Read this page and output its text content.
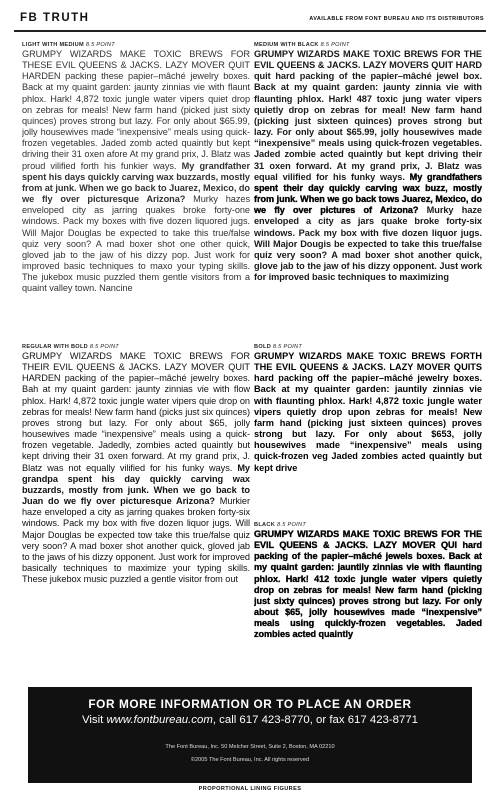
FB TRUTH	AVAILABLE FROM FONT BUREAU AND ITS DISTRIBUTORS
LIGHT WITH MEDIUM 8.5 POINT

GRUMPY WIZARDS MAKE TOXIC BREWS FOR THESE EVIL QUEENS & JACKS. LAZY MOVER QUIT HARDEN packing these papier–mâché jewelry boxes. Back at my quaint garden: jaunty zinnias vie with flaunt phlox. Hark! 4,872 toxic jungle water vipers quiet drop on zebras for meals! New farm hand (picked just sixty quinces) proves strong but lazy. For only about $65.99, jolly housewives made “inexpensive” meals using quick-frozen vegetables. Jaded zomb acted quaintly but kept driving their 31 oxen afore At my grand prix, J. Blatz was proud vilified forth his funkier ways. My grandfather spent his days quickly carving wax buzzards, mostly from at junk. When we go back to Juarez, Mexico, do we fly over picturesque Arizona? Murky hazes enveloped city as jarring quakes broke forty-one windows. Pack my boxes with five dozen liquored jugs. Will Major Douglas be expected to take this true/false quiz very soon? A mad boxer shot one other quick, gloved jab to the jaw of his dizzy pop. Just work for improved basic techniques to maxo your typing skills. The jukebox music puzzled them gentle visitors from a quaint valley town. Nancine

MEDIUM WITH BLACK 8.5 POINT

GRUMPY WIZARDS MAKE TOXIC BREWS FOR THE EVIL QUEENS & JACKS. LAZY MOVERS QUIT HARD quit hard packing of the papier–mâché jewel box. Back at my quaint garden: jaunty zinnia vie with flaunting phlox. Hark! 487 toxic jung water vipers quietly drop on zebras for meal! New farm hand (picking just sixteen quinces) proves strong but lazy. For only about $65.99, jolly housewives made “inexpensive” meals using quick-frozen vegetables. Jaded zombie acted quaintly but kept driving their 31 oxen forward. At my grand prix, J. Blatz was equal vilified for his funky ways. My grandfathers spent their day quickly carving wax buzz, mostly from junk. When we go back tows Juarez, Mexico, do we fly over pictures of Arizona? Murky haze enveloped a city as jars quake broke forty-six windows. Pack my box with five dozen liquor jugs. Will Major Dougis be expected to take this true/false quiz very soon? A mad boxer shot another quick, glove jab to the jaw of his dizzy opponent. Just work for improved basic techniques to maximizing

REGULAR WITH BOLD 8.5 POINT

GRUMPY WIZARDS MAKE TOXIC BREWS FOR THEIR EVIL QUEENS & JACKS. LAZY MOVER QUIT HARDEN packing of the papier–mâché jewelry boxes. Bah at my quaint garden: jaunty zinnias vie with flow phlox. Hark! 4,872 toxic jungle water vipers quie drop on zebras for meals! New farm hand (picks just six quinces) proves strong but lazy. For only about $65, jolly housewives made “inexpensive” meals using a quick-frozen vegetable. Jadedly, zombies acted quaintly but kept driving their 31 oxen forward. At my grand prix, J. Blatz was not equally vilified for his funky ways. My grandpa spent his day quickly carving wax buzzards, mostly from junk. When we go back to Juan do we fly over picturesque Arizona? Murkier haze enveloped a city as jarring quakes broken forty-six windows. Pack my box with five dozen liquor jugs. Will Major Douglas be expected tow take this true/false quiz very soon? A mad boxer shot another quick, gloved jab to the jaws of his dizzy opponent. Just work for improved basically techniques to maximize your typing skills. These jukebox music puzzled a gentle visitor from out

BOLD 8.5 POINT

GRUMPY WIZARDS MAKE TOXIC BREWS FORTH THE EVIL QUEENS & JACKS. LAZY MOVER QUITS hard packing off the papier–mâché jewelry boxes. Back at my quainter garden: jauntily zinnias vie with flaunting phlox. Hark! 4,872 toxic jungle water vipers quietly drop upon zebras for meals! New farm hand (picking just sixteen quinces) proves strong but lazy. For only about $653, jolly housewives made “inexpensive” meals using quick-frozen veg Jaded zombies acted quaintly but kept drive

BLACK 8.5 POINT

GRUMPY WIZARDS MAKE TOXIC BREWS FOR THE EVIL QUEENS & JACKS. LAZY MOVER QUI hard packing of the papier–mâché jewels boxes. Back at my quaint garden: jauntily zinnias vie with flaunting phlox. Hark! 412 toxic jungle water vipers quietly drop on zebras for meals! New farm hand (picking just sixty quinces) proves strong but lazy. For only about $65, jolly housewives made “inexpensive” meals using quickly-frozen vegetables. Jaded zombies acted quaintly

FOR MORE INFORMATION OR TO PLACE AN ORDER
Visit www.fontbureau.com, call 617 423-8770, or fax 617 423-8771
The Font Bureau, Inc. 50 Melcher Street, Suite 2, Boston, MA 02210
©2005 The Font Bureau, Inc. All rights reserved
PROPORTIONAL LINING FIGURES
